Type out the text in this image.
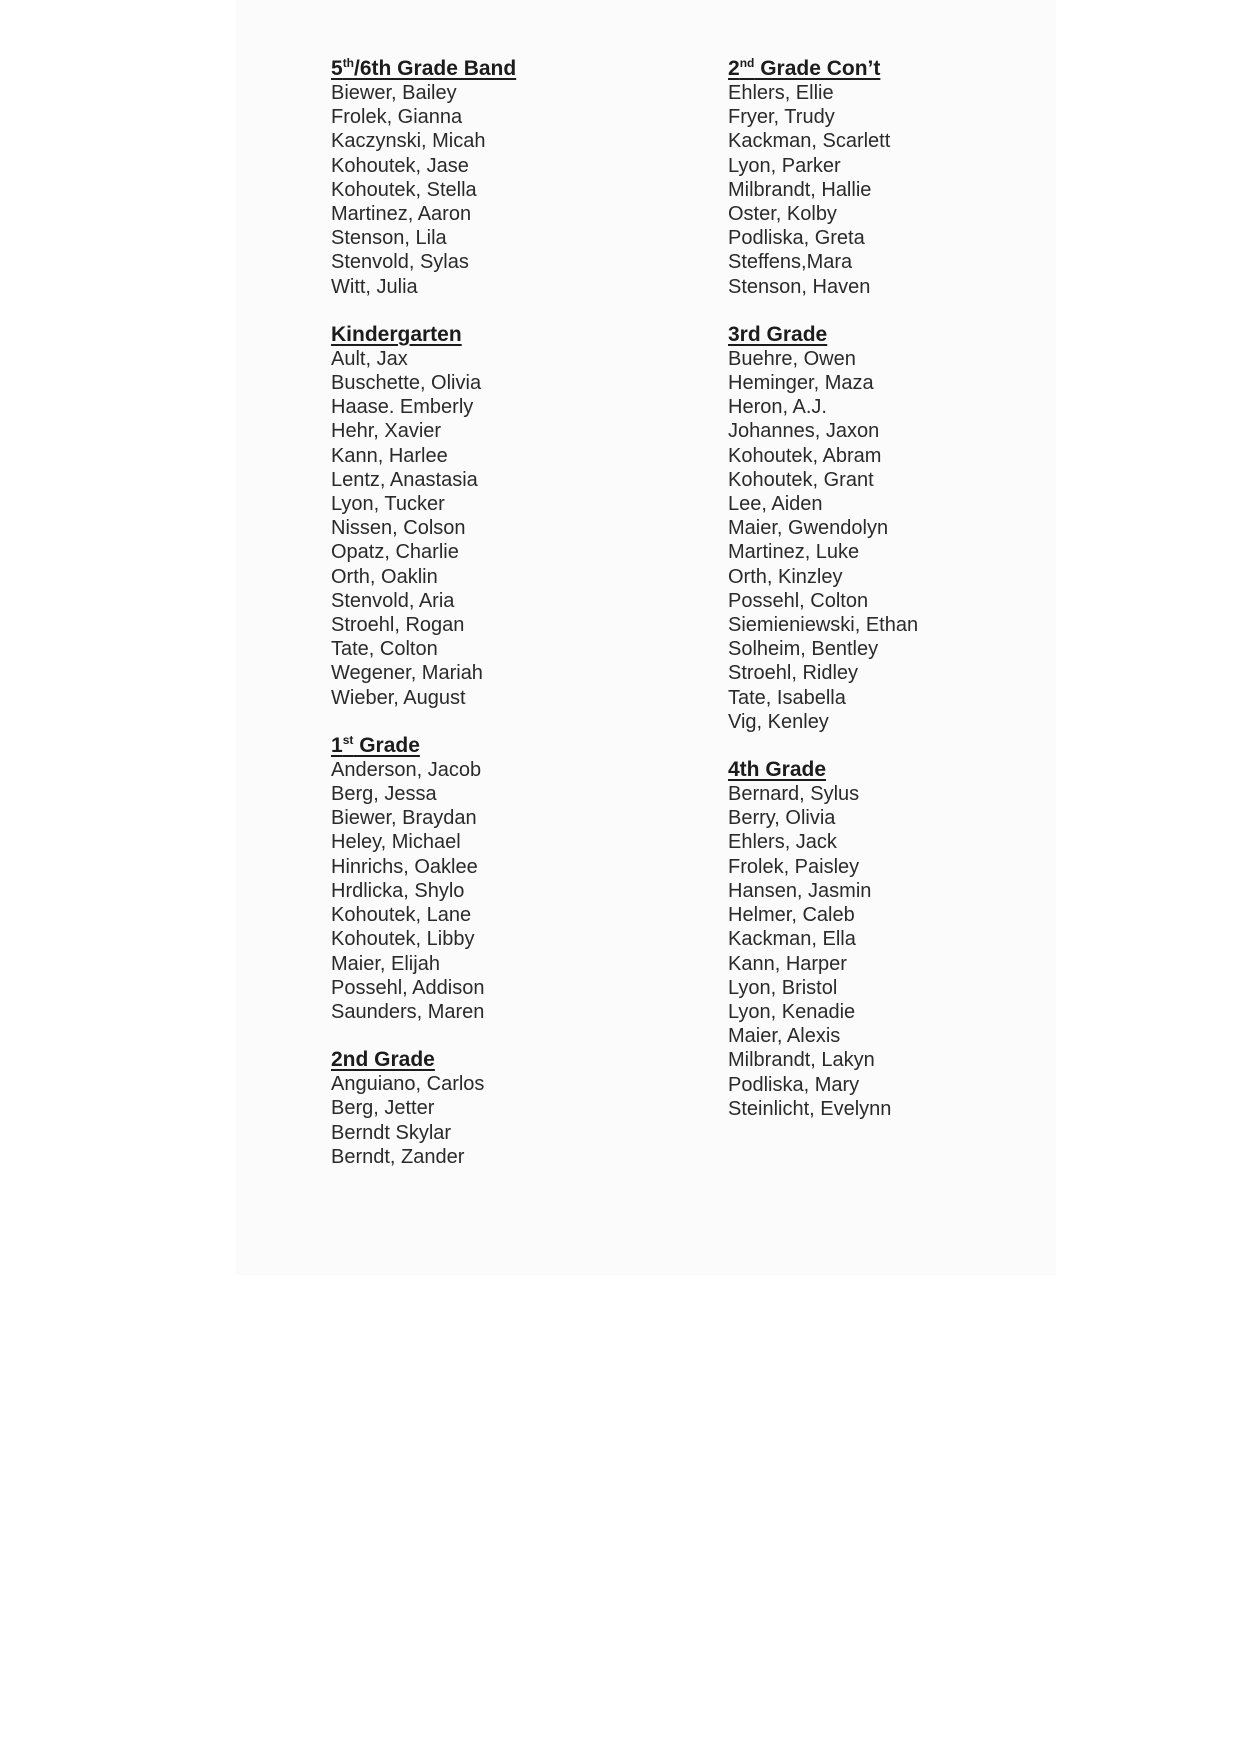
5th/6th Grade Band
Biewer, Bailey
Frolek, Gianna
Kaczynski, Micah
Kohoutek, Jase
Kohoutek, Stella
Martinez, Aaron
Stenson, Lila
Stenvold, Sylas
Witt, Julia
Kindergarten
Ault, Jax
Buschette, Olivia
Haase. Emberly
Hehr, Xavier
Kann, Harlee
Lentz, Anastasia
Lyon, Tucker
Nissen, Colson
Opatz, Charlie
Orth, Oaklin
Stenvold, Aria
Stroehl, Rogan
Tate, Colton
Wegener, Mariah
Wieber, August
1st Grade
Anderson, Jacob
Berg, Jessa
Biewer, Braydan
Heley, Michael
Hinrichs, Oaklee
Hrdlicka, Shylo
Kohoutek, Lane
Kohoutek, Libby
Maier, Elijah
Possehl, Addison
Saunders, Maren
2nd Grade
Anguiano, Carlos
Berg, Jetter
Berndt Skylar
Berndt, Zander
2nd Grade Con’t
Ehlers, Ellie
Fryer, Trudy
Kackman, Scarlett
Lyon, Parker
Milbrandt, Hallie
Oster, Kolby
Podliska, Greta
Steffens,Mara
Stenson, Haven
3rd Grade
Buehre, Owen
Heminger, Maza
Heron, A.J.
Johannes, Jaxon
Kohoutek, Abram
Kohoutek, Grant
Lee, Aiden
Maier, Gwendolyn
Martinez, Luke
Orth, Kinzley
Possehl, Colton
Siemieniewski, Ethan
Solheim, Bentley
Stroehl, Ridley
Tate, Isabella
Vig, Kenley
4th Grade
Bernard, Sylus
Berry, Olivia
Ehlers, Jack
Frolek, Paisley
Hansen, Jasmin
Helmer, Caleb
Kackman, Ella
Kann, Harper
Lyon, Bristol
Lyon, Kenadie
Maier, Alexis
Milbrandt, Lakyn
Podliska, Mary
Steinlicht, Evelynn
